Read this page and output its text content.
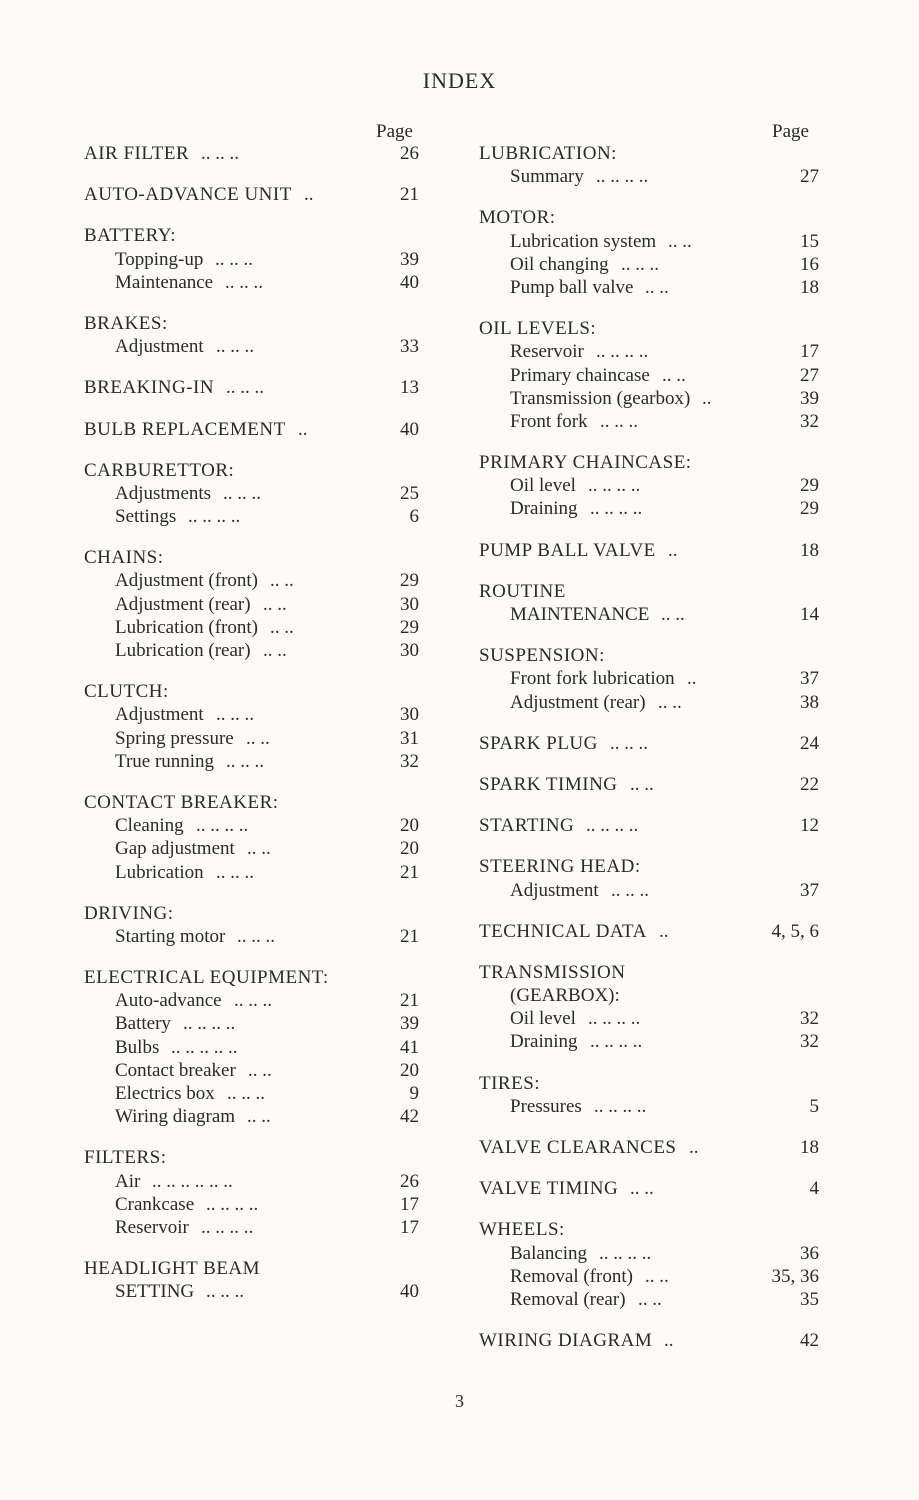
INDEX
Page	Page
AIR FILTER .. .. ..	26
AUTO-ADVANCE UNIT ..	21
BATTERY:
Topping-up .. .. ..	39
Maintenance .. .. ..	40
BRAKES:
Adjustment .. .. ..	33
BREAKING-IN .. .. ..	13
BULB REPLACEMENT ..	40
CARBURETTOR:
Adjustments .. .. ..	25
Settings .. .. .. ..	6
CHAINS:
Adjustment (front) .. ..	29
Adjustment (rear) .. ..	30
Lubrication (front) .. ..	29
Lubrication (rear) .. ..	30
CLUTCH:
Adjustment .. .. ..	30
Spring pressure .. ..	31
True running .. .. ..	32
CONTACT BREAKER:
Cleaning .. .. .. ..	20
Gap adjustment .. ..	20
Lubrication .. .. ..	21
DRIVING:
Starting motor .. .. ..	21
ELECTRICAL EQUIPMENT:
Auto-advance .. .. ..	21
Battery .. .. .. ..	39
Bulbs .. .. .. .. ..	41
Contact breaker .. ..	20
Electrics box .. .. ..	9
Wiring diagram .. ..	42
FILTERS:
Air .. .. .. .. .. ..	26
Crankcase .. .. .. ..	17
Reservoir .. .. .. ..	17
HEADLIGHT BEAM
SETTING .. .. ..	40
LUBRICATION:
Summary .. .. .. ..	27
MOTOR:
Lubrication system .. ..	15
Oil changing .. .. ..	16
Pump ball valve .. ..	18
OIL LEVELS:
Reservoir .. .. .. ..	17
Primary chaincase .. ..	27
Transmission (gearbox) ..	39
Front fork .. .. ..	32
PRIMARY CHAINCASE:
Oil level .. .. .. ..	29
Draining .. .. .. ..	29
PUMP BALL VALVE ..	18
ROUTINE
MAINTENANCE .. ..	14
SUSPENSION:
Front fork lubrication ..	37
Adjustment (rear) .. ..	38
SPARK PLUG .. .. ..	24
SPARK TIMING .. ..	22
STARTING .. .. .. ..	12
STEERING HEAD:
Adjustment .. .. ..	37
TECHNICAL DATA ..	4, 5, 6
TRANSMISSION
(GEARBOX):
Oil level .. .. .. ..	32
Draining .. .. .. ..	32
TIRES:
Pressures .. .. .. ..	5
VALVE CLEARANCES ..	18
VALVE TIMING .. ..	4
WHEELS:
Balancing .. .. .. ..	36
Removal (front) .. ..	35, 36
Removal (rear) .. ..	35
WIRING DIAGRAM ..	42
3
